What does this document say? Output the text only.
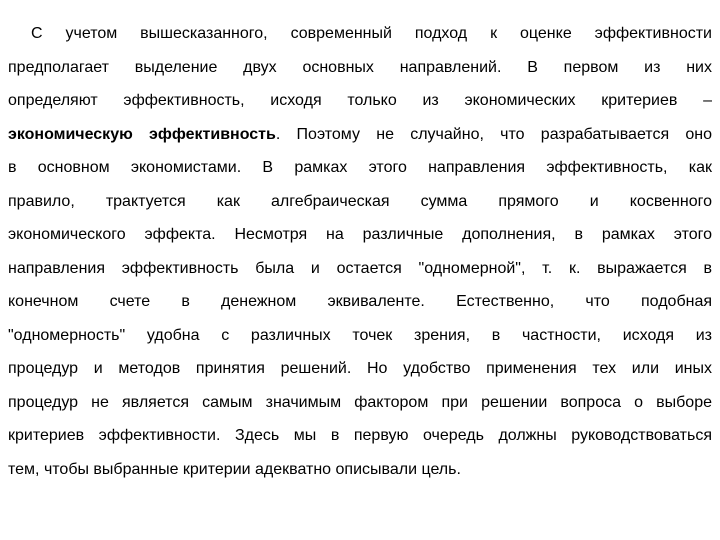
С учетом вышесказанного, современный подход к оценке эффективности
предполагает выделение двух основных направлений. В первом из них
определяют эффективность, исходя только из экономических критериев –
экономическую эффективность. Поэтому не случайно, что разрабатывается оно
в основном экономистами. В рамках этого направления эффективность, как
правило, трактуется как алгебраическая сумма прямого и косвенного
экономического эффекта. Несмотря на различные дополнения, в рамках этого
направления эффективность была и остается "одномерной", т. к. выражается в
конечном счете в денежном эквиваленте. Естественно, что подобная
"одномерность" удобна с различных точек зрения, в частности, исходя из
процедур и методов принятия решений. Но удобство применения тех или иных
процедур не является самым значимым фактором при решении вопроса о выборе
критериев эффективности. Здесь мы в первую очередь должны руководствоваться
тем, чтобы выбранные критерии адекватно описывали цель.
